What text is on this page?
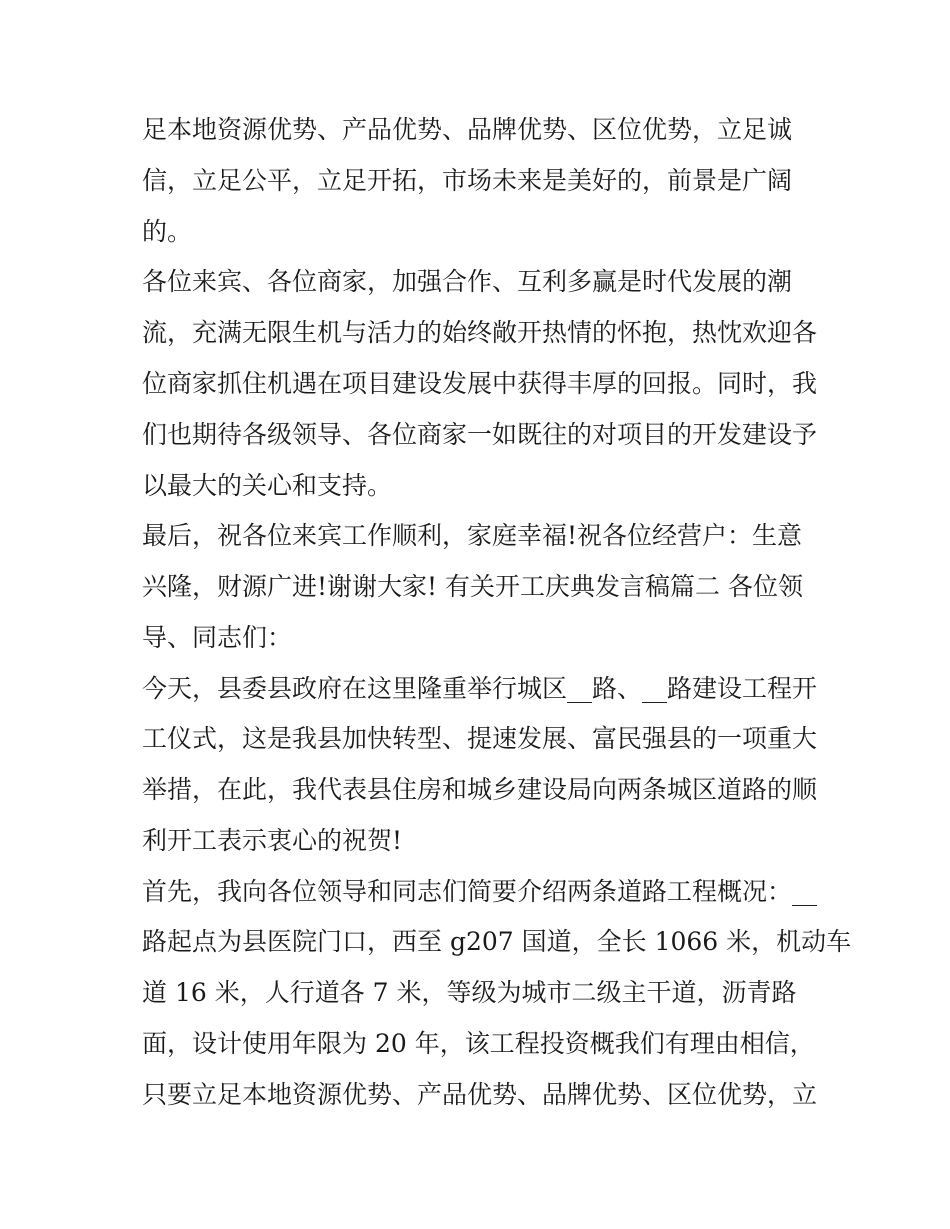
足本地资源优势、产品优势、品牌优势、区位优势，立足诚
信，立足公平，立足开拓，市场未来是美好的，前景是广阔
的。
各位来宾、各位商家，加强合作、互利多赢是时代发展的潮
流，充满无限生机与活力的始终敞开热情的怀抱，热忱欢迎各
位商家抓住机遇在项目建设发展中获得丰厚的回报。同时，我
们也期待各级领导、各位商家一如既往的对项目的开发建设予
以最大的关心和支持。
最后，祝各位来宾工作顺利，家庭幸福!祝各位经营户：生意
兴隆，财源广进!谢谢大家! 有关开工庆典发言稿篇二 各位领
导、同志们：
今天，县委县政府在这里隆重举行城区__路、__路建设工程开
工仪式，这是我县加快转型、提速发展、富民强县的一项重大
举措，在此，我代表县住房和城乡建设局向两条城区道路的顺
利开工表示衷心的祝贺!
首先，我向各位领导和同志们简要介绍两条道路工程概况：__
路起点为县医院门口，西至 g207 国道，全长 1066 米，机动车
道 16 米，人行道各 7 米，等级为城市二级主干道，沥青路
面，设计使用年限为 20 年，该工程投资概我们有理由相信，
只要立足本地资源优势、产品优势、品牌优势、区位优势，立
